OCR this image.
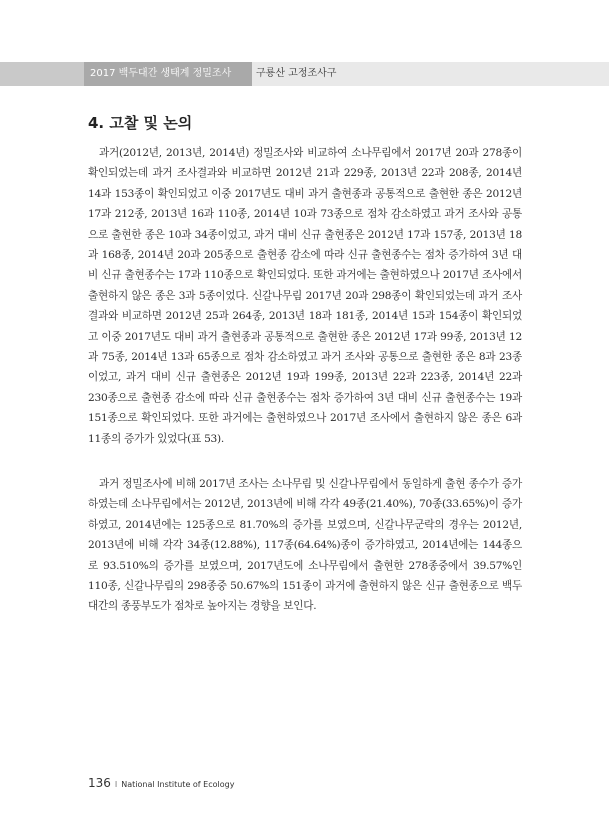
2017 백두대간 생태계 정밀조사	구룡산 고정조사구
4. 고찰 및 논의

과거(2012년, 2013년, 2014년) 정밀조사와 비교하여 소나무림에서 2017년 20과 278종이 확인되었는데 과거 조사결과와 비교하면 2012년 21과 229종, 2013년 22과 208종, 2014년 14과 153종이 확인되었고 이중 2017년도 대비 과거 출현종과 공통적으로 출현한 종은 2012년 17과 212종, 2013년 16과 110종, 2014년 10과 73종으로 점차 감소하였고 과거 조사와 공통으로 출현한 종은 10과 34종이었고, 과거 대비 신규 출현종은 2012년 17과 157종, 2013년 18과 168종, 2014년 20과 205종으로 출현종 감소에 따라 신규 출현종수는 점차 증가하여 3년 대비 신규 출현종수는 17과 110종으로 확인되었다. 또한 과거에는 출현하였으나 2017년 조사에서 출현하지 않은 종은 3과 5종이었다. 신갈나무림 2017년 20과 298종이 확인되었는데 과거 조사결과와 비교하면 2012년 25과 264종, 2013년 18과 181종, 2014년 15과 154종이 확인되었고 이중 2017년도 대비 과거 출현종과 공통적으로 출현한 종은 2012년 17과 99종, 2013년 12과 75종, 2014년 13과 65종으로 점차 감소하였고 과거 조사와 공통으로 출현한 종은 8과 23종이었고, 과거 대비 신규 출현종은 2012년 19과 199종, 2013년 22과 223종, 2014년 22과 230종으로 출현종 감소에 따라 신규 출현종수는 점차 증가하여 3년 대비 신규 출현종수는 19과 151종으로 확인되었다. 또한 과거에는 출현하였으나 2017년 조사에서 출현하지 않은 종은 6과 11종의 증가가 있었다(표 53).

과거 정밀조사에 비해 2017년 조사는 소나무림 및 신갈나무림에서 동일하게 출현 종수가 증가하였는데 소나무림에서는 2012년, 2013년에 비해 각각 49종(21.40%), 70종(33.65%)이 증가하였고, 2014년에는 125종으로 81.70%의 증가를 보였으며, 신갈나무군락의 경우는 2012년, 2013년에 비해 각각 34종(12.88%), 117종(64.64%)종이 증가하였고, 2014년에는 144종으로 93.510%의 증가를 보였으며, 2017년도에 소나무림에서 출현한 278종중에서 39.57%인 110종, 신갈나무림의 298종중 50.67%의 151종이 과거에 출현하지 않은 신규 출현종으로 백두대간의 종풍부도가 점차로 높아지는 경향을 보인다.

136 I National Institute of Ecology
